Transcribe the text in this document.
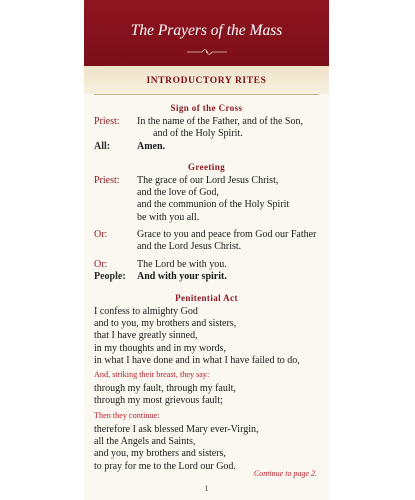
The Prayers of the Mass
INTRODUCTORY RITES
Sign of the Cross
Priest:	In the name of the Father, and of the Son,
and of the Holy Spirit.
All:	Amen.
Greeting
Priest:	The grace of our Lord Jesus Christ,
and the love of God,
and the communion of the Holy Spirit
be with you all.
Or:	Grace to you and peace from God our Father
and the Lord Jesus Christ.
Or:	The Lord be with you.
People:	And with your spirit.
Penitential Act
I confess to almighty God
and to you, my brothers and sisters,
that I have greatly sinned,
in my thoughts and in my words,
in what I have done and in what I have failed to do,
And, striking their breast, they say:
through my fault, through my fault,
through my most grievous fault;
Then they continue:
therefore I ask blessed Mary ever-Virgin,
all the Angels and Saints,
and you, my brothers and sisters,
to pray for me to the Lord our God.
Continue to page 2.
1
